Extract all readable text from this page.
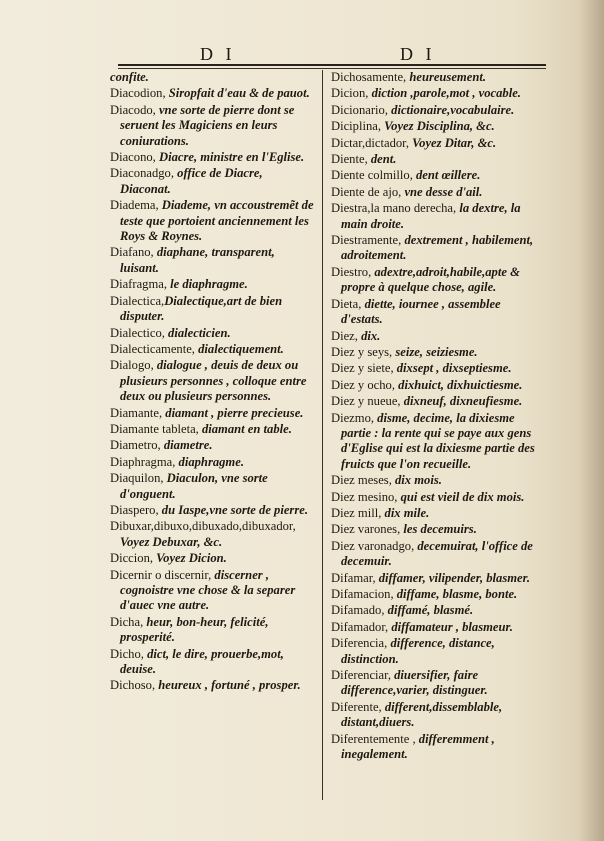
D I	D I
confite.
Diacodion, Siropfait d'eau & de pauot.
Diacodo, vne sorte de pierre dont se seruent les Magiciens en leurs coniurations.
Diacono, Diacre, ministre en l'Eglise.
Diaconadgo, office de Diacre, Diaconat.
Diadema, Diademe, vn accoustremẽt de teste que portoient anciennement les Roys & Roynes.
Diafano, diaphane, transparent, luisant.
Diafragma, le diaphragme.
Dialectica,Dialectique,art de bien disputer.
Dialectico, dialecticien.
Dialecticamente, dialectiquement.
Dialogo, dialogue , deuis de deux ou plusieurs personnes , colloque entre deux ou plusieurs personnes.
Diamante, diamant , pierre precieuse.
Diamante tableta, diamant en table.
Diametro, diametre.
Diaphragma, diaphragme.
Diaquilon, Diaculon, vne sorte d'onguent.
Diaspero, du Iaspe,vne sorte de pierre.
Dibuxar,dibuxo,dibuxado,dibuxador, Voyez Debuxar, &c.
Diccion, Voyez Dicion.
Dicernir o discernir, discerner , cognoistre vne chose & la separer d'auec vne autre.
Dicha, heur, bon-heur, felicité, prosperité.
Dicho, dict, le dire, prouerbe,mot, deuise.
Dichoso, heureux , fortuné , prosper.
Dichosamente, heureusement.
Dicion, diction ,parole,mot , vocable.
Dicionario, dictionaire,vocabulaire.
Diciplina, Voyez Disciplina, &c.
Dictar,dictador, Voyez Ditar, &c.
Diente, dent.
Diente colmillo, dent œillere.
Diente de ajo, vne desse d'ail.
Diestra,la mano derecha, la dextre, la main droite.
Diestramente, dextrement , habilement, adroitement.
Diestro, adextre,adroit,habile,apte & propre à quelque chose, agile.
Dieta, diette, iournee , assemblee d'estats.
Diez, dix.
Diez y seys, seize, seiziesme.
Diez y siete, dixsept , dixseptiesme.
Diez y ocho, dixhuict, dixhuictiesme.
Diez y nueue, dixneuf, dixneufiesme.
Diezmo, disme, decime, la dixiesme partie : la rente qui se paye aux gens d'Eglise qui est la dixiesme partie des fruicts que l'on recueille.
Diez meses, dix mois.
Diez mesino, qui est vieil de dix mois.
Diez mill, dix mile.
Diez varones, les decemuirs.
Diez varonadgo, decemuirat, l'office de decemuir.
Difamar, diffamer, vilipender, blasmer.
Difamacion, diffame, blasme, bonte.
Difamado, diffamé, blasmé.
Difamador, diffamateur , blasmeur.
Diferencia, difference, distance, distinction.
Diferenciar, diuersifier, faire difference,varier, distinguer.
Diferente, different,dissemblable, distant,diuers.
Diferentemente , differemment , inegalement.
